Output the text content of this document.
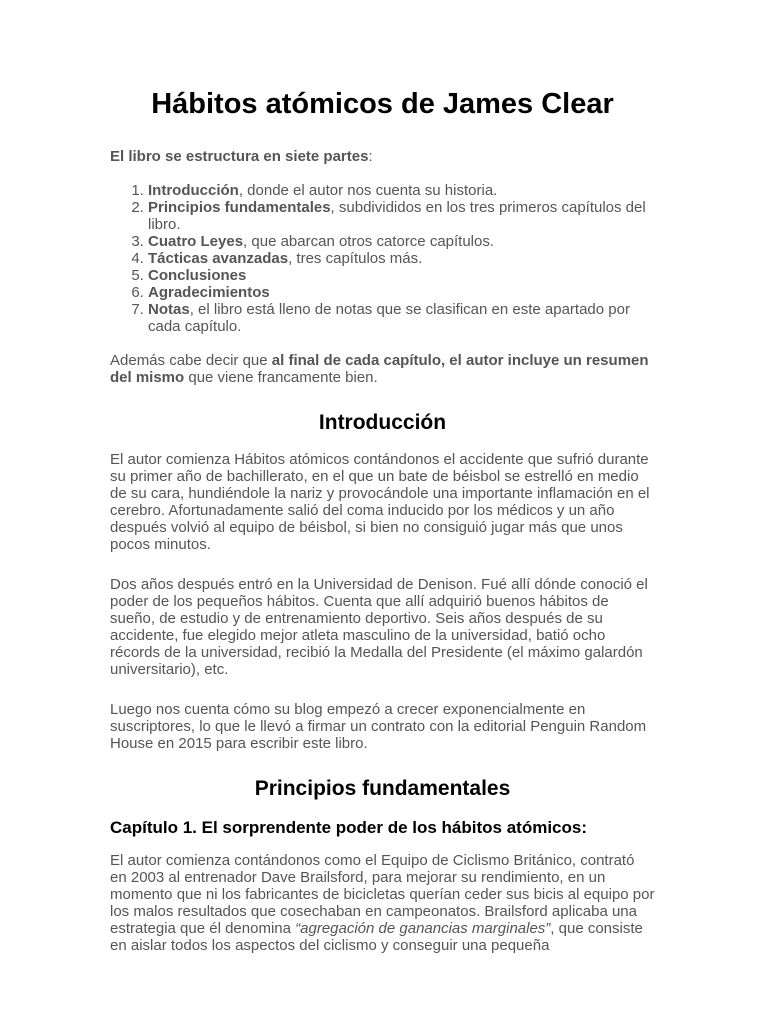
Hábitos atómicos de James Clear

El libro se estructura en siete partes:

1. Introducción, donde el autor nos cuenta su historia.
2. Principios fundamentales, subdivididos en los tres primeros capítulos del libro.
3. Cuatro Leyes, que abarcan otros catorce capítulos.
4. Tácticas avanzadas, tres capítulos más.
5. Conclusiones
6. Agradecimientos
7. Notas, el libro está lleno de notas que se clasifican en este apartado por cada capítulo.

Además cabe decir que al final de cada capítulo, el autor incluye un resumen del mismo que viene francamente bien.

Introducción

El autor comienza Hábitos atómicos contándonos el accidente que sufrió durante su primer año de bachillerato, en el que un bate de béisbol se estrelló en medio de su cara, hundiéndole la nariz y provocándole una importante inflamación en el cerebro. Afortunadamente salió del coma inducido por los médicos y un año después volvió al equipo de béisbol, si bien no consiguió jugar más que unos pocos minutos.

Dos años después entró en la Universidad de Denison. Fué allí dónde conoció el poder de los pequeños hábitos. Cuenta que allí adquirió buenos hábitos de sueño, de estudio y de entrenamiento deportivo. Seis años después de su accidente, fue elegido mejor atleta masculino de la universidad, batió ocho récords de la universidad, recibió la Medalla del Presidente (el máximo galardón universitario), etc.

Luego nos cuenta cómo su blog empezó a crecer exponencialmente en suscriptores, lo que le llevó a firmar un contrato con la editorial Penguin Random House en 2015 para escribir este libro.

Principios fundamentales
Capítulo 1. El sorprendente poder de los hábitos atómicos:

El autor comienza contándonos como el Equipo de Ciclismo Británico, contrató en 2003 al entrenador Dave Brailsford, para mejorar su rendimiento, en un momento que ni los fabricantes de bicicletas querían ceder sus bicis al equipo por los malos resultados que cosechaban en campeonatos. Brailsford aplicaba una estrategia que él denomina “agregación de ganancias marginales”, que consiste en aislar todos los aspectos del ciclismo y conseguir una pequeña
